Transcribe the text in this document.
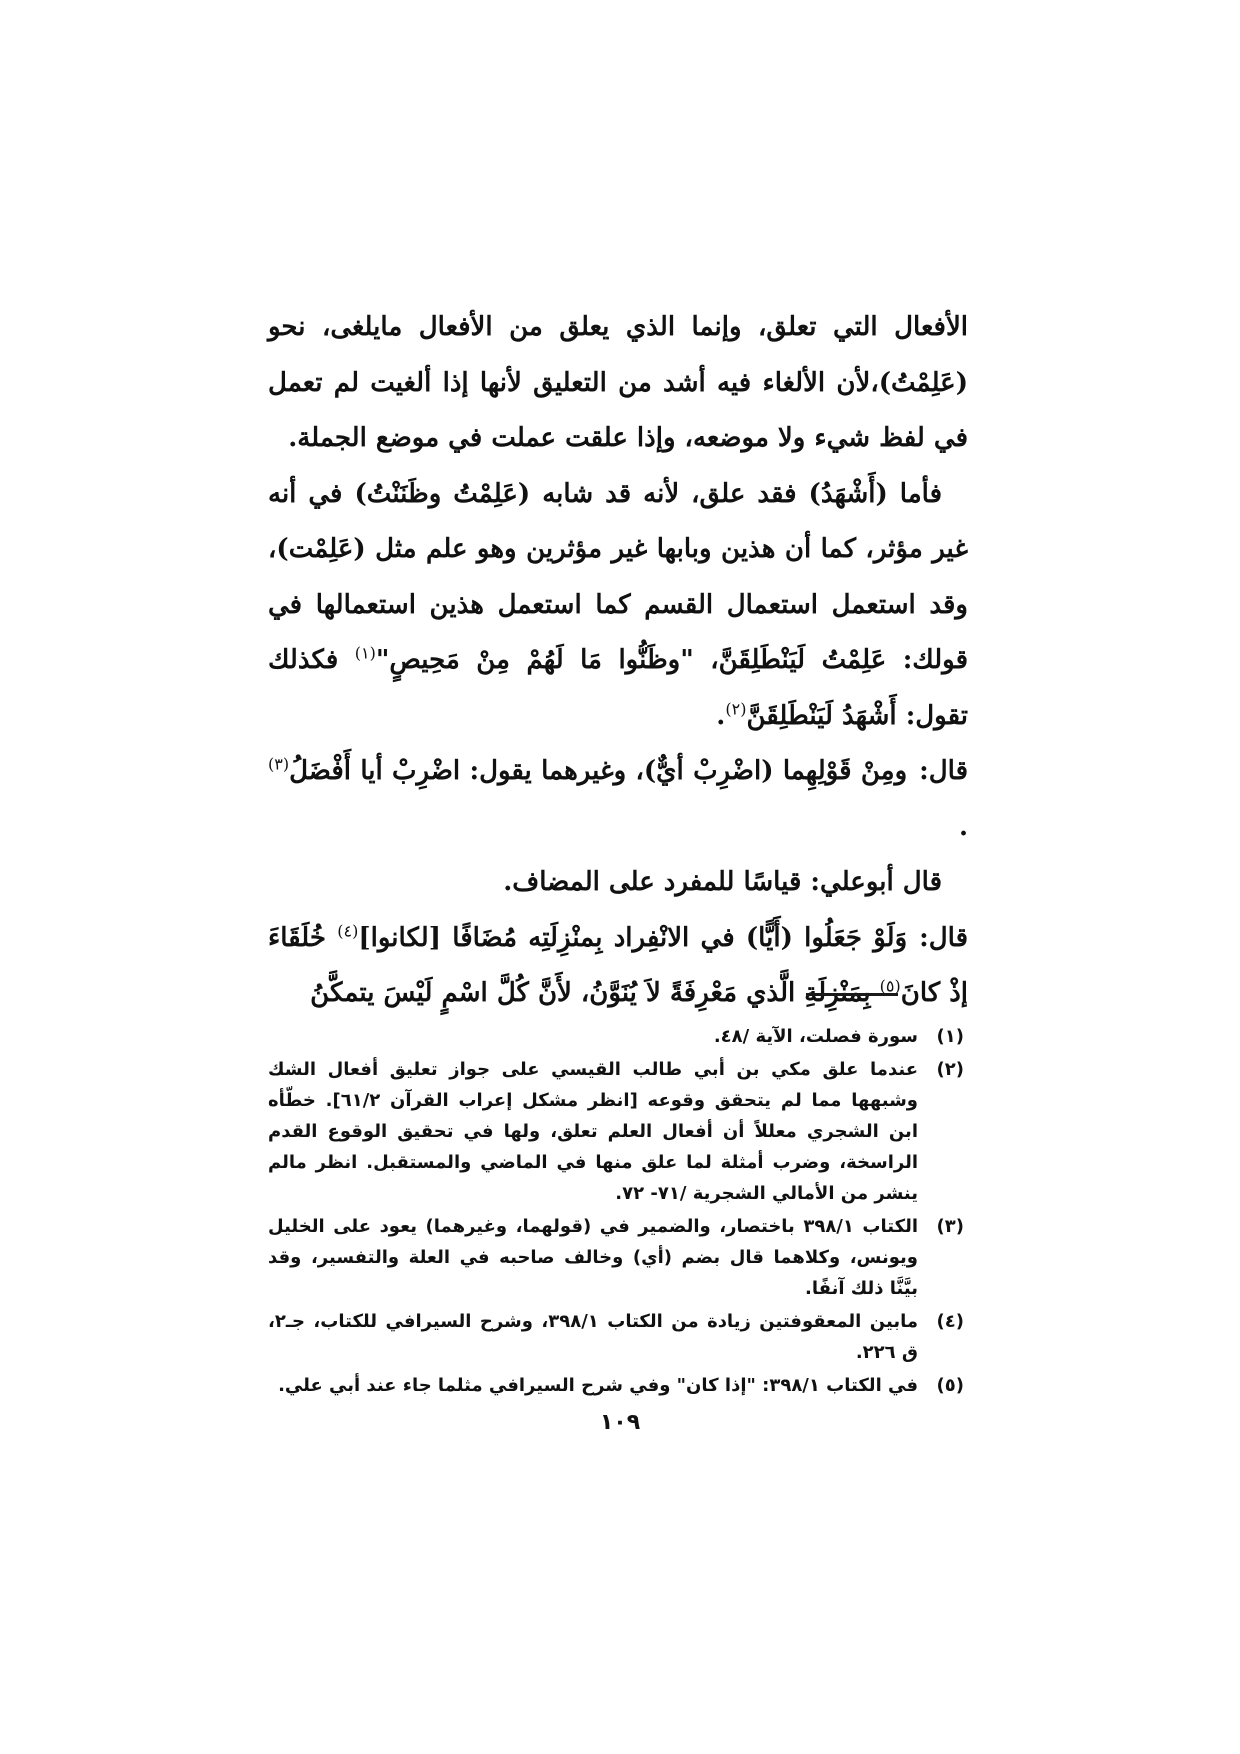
الأفعال التي تعلق، وإنما الذي يعلق من الأفعال مايلغى، نحو (عَلِمْتُ)،لأن الألغاء فيه أشد من التعليق لأنها إذا ألغيت لم تعمل في لفظ شيء ولا موضعه، وإذا علقت عملت في موضع الجملة.

فأما (أَشْهَدُ) فقد علق، لأنه قد شابه (عَلِمْتُ وظَنَنْتُ) في أنه غير مؤثر، كما أن هذين وبابها غير مؤثرين وهو علم مثل (عَلِمْت)، وقد استعمل استعمال القسم كما استعمل هذين استعمالها في قولك: عَلِمْتُ لَيَنْطَلِقَنَّ، "وظَنُّوا مَا لَهُمْ مِنْ مَحِيصٍ"$^{(١)}$ فكذلك تقول: أَشْهَدُ لَيَنْطَلِقَنَّ$^{(٢)}$.

قال:ومِنْ قَوْلِهِما (اضْرِبْ أيٌّ)، وغيرهما يقول: اضْرِبْ أيا أَفْضَلُ$^{(٣)}$ .

قال أبوعلي: قياسًا للمفرد على المضاف.

قال:وَلَوْ جَعَلُوا (أَيًّا) في الانْفِراد بِمنْزِلَتِه مُضَافًا [لكانوا]$^{(٤)}$ خُلَقَاءَ إذْ كانَ$^{(٥)}$ بِمَنْزِلَةِ الَّذي مَعْرِفَةً لاَ يُنَوَّنُ، لأَنَّ كُلَّ اسْمٍ لَيْسَ يتمكَّنُ

(١)
سورة فصلت، الآية /٤٨.
(٢)
عندما علق مكي بن أبي طالب القيسي على جواز تعليق أفعال الشك وشبهها مما لم يتحقق وقوعه [انظر مشكل إعراب القرآن ٦١/٢]. خطّأه ابن الشجري معللاً أن أفعال العلم تعلق، ولها في تحقيق الوقوع القدم الراسخة، وضرب أمثلة لما علق منها في الماضي والمستقبل. انظر مالم ينشر من الأمالي الشجرية /٧١- ٧٢.
(٣)
الكتاب ٣٩٨/١ باختصار، والضمير في (قولهما، وغيرهما) يعود على الخليل ويونس، وكلاهما قال بضم (أي) وخالف صاحبه في العلة والتفسير، وقد بيَّنَّا ذلك آنفًا.
(٤)
مابين المعقوفتين زيادة من الكتاب ٣٩٨/١، وشرح السيرافي للكتاب، جـ٢، ق ٢٢٦.
(٥)
في الكتاب ٣٩٨/١: "إذا كان" وفي شرح السيرافي مثلما جاء عند أبي علي.
١٠٩
